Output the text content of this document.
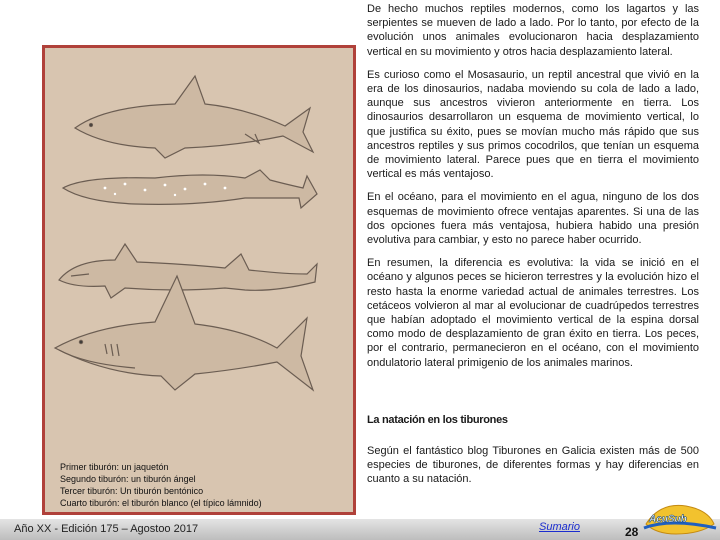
Primer tiburón: un jaquetón
Segundo tiburón: un tiburón ángel
Tercer tiburón: Un tiburón bentónico
Cuarto tiburón: el tiburón blanco (el típico lámnido)

De hecho muchos reptiles modernos, como los lagartos y las serpientes se mueven de lado a lado. Por lo tanto, por efecto de la evolución unos animales evolucionaron hacia desplazamiento vertical en su movimiento y otros hacia desplazamiento lateral.

Es curioso como el Mosasaurio, un reptil ancestral que vivió en la era de los dinosaurios, nadaba moviendo su cola de lado a lado, aunque sus ancestros vivieron anteriormente en tierra. Los dinosaurios desarrollaron un esquema de movimiento vertical, lo que justifica su éxito, pues se movían mucho más rápido que sus ancestros reptiles y sus primos cocodrilos, que tenían un esquema de movimiento lateral. Parece pues que en tierra el movimiento vertical es más ventajoso.

En el océano, para el movimiento en el agua, ninguno de los dos esquemas de movimiento ofrece ventajas aparentes. Si una de las dos opciones fuera más ventajosa, hubiera habido una presión evolutiva para cambiar, y esto no parece haber ocurrido.

En resumen, la diferencia es evolutiva: la vida se inició en el océano y algunos peces se hicieron terrestres y la evolución hizo el resto hasta la enorme variedad actual de animales terrestres. Los cetáceos volvieron al mar al evolucionar de cuadrúpedos terrestres que habían adoptado el movimiento vertical de la espina dorsal como modo de desplazamiento de gran éxito en tierra. Los peces, por el contrario, permanecieron en el océano, con el movimiento ondulatorio lateral primigenio de los animales marinos.

La natación en los tiburones
Según el fantástico blog Tiburones en Galicia existen más de 500 especies de tiburones, de diferentes formas y hay diferencias en cuanto a su natación.
Año XX - Edición 175 – Agostoo 2017	Sumario	28
AcuSub
